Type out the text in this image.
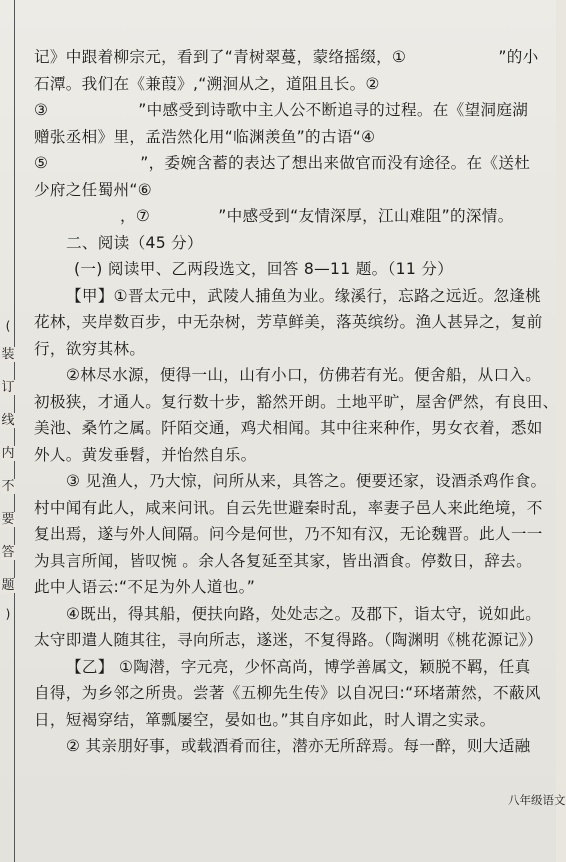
(
装
订
线
内
不
要
答
题
)
记》中跟着柳宗元，看到了“青树翠蔓，蒙络摇缀，①	”的小
石潭。我们在《兼葭》,“溯洄从之，道阻且长。②
③	”中感受到诗歌中主人公不断追寻的过程。在《望洞庭湖
赠张丞相》里，孟浩然化用“临渊羡鱼”的古语“④
⑤	”，委婉含蓄的表达了想出来做官而没有途径。在《送杜
少府之任蜀州“⑥
，⑦	”中感受到“友情深厚，江山难阻”的深情。
二、阅读（45 分）
(一) 阅读甲、乙两段选文，回答 8—11 题。（11 分）
【甲】①晋太元中，武陵人捕鱼为业。缘溪行，忘路之远近。忽逢桃
花林，夹岸数百步，中无杂树，芳草鲜美，落英缤纷。渔人甚异之，复前
行，欲穷其林。
②林尽水源，便得一山，山有小口，仿佛若有光。便舍船，从口入。
初极狭，才通人。复行数十步，豁然开朗。土地平旷，屋舍俨然，有良田、
美池、桑竹之属。阡陌交通，鸡犬相闻。其中往来种作，男女衣着，悉如
外人。黄发垂髫，并怡然自乐。
③ 见渔人，乃大惊，问所从来，具答之。便要还家，设酒杀鸡作食。
村中闻有此人，咸来问讯。自云先世避秦时乱，率妻子邑人来此绝境，不
复出焉，遂与外人间隔。问今是何世，乃不知有汉，无论魏晋。此人一一
为具言所闻，皆叹惋 。余人各复延至其家，皆出酒食。停数日，辞去。
此中人语云:“不足为外人道也。”
④既出，得其船，便扶向路，处处志之。及郡下，诣太守，说如此。
太守即遣人随其往，寻向所志，遂迷，不复得路。（陶渊明《桃花源记》）
【乙】 ①陶潜，字元亮，少怀高尚，博学善属文，颖脱不羁，任真
自得，为乡邻之所贵。尝著《五柳先生传》以自况曰:“环堵萧然，不蔽风
日，短褐穿结，箪瓢屡空，晏如也。”其自序如此，时人谓之实录。
② 其亲朋好事，或载酒肴而往，潜亦无所辞焉。每一醉，则大适融
八年级语文
